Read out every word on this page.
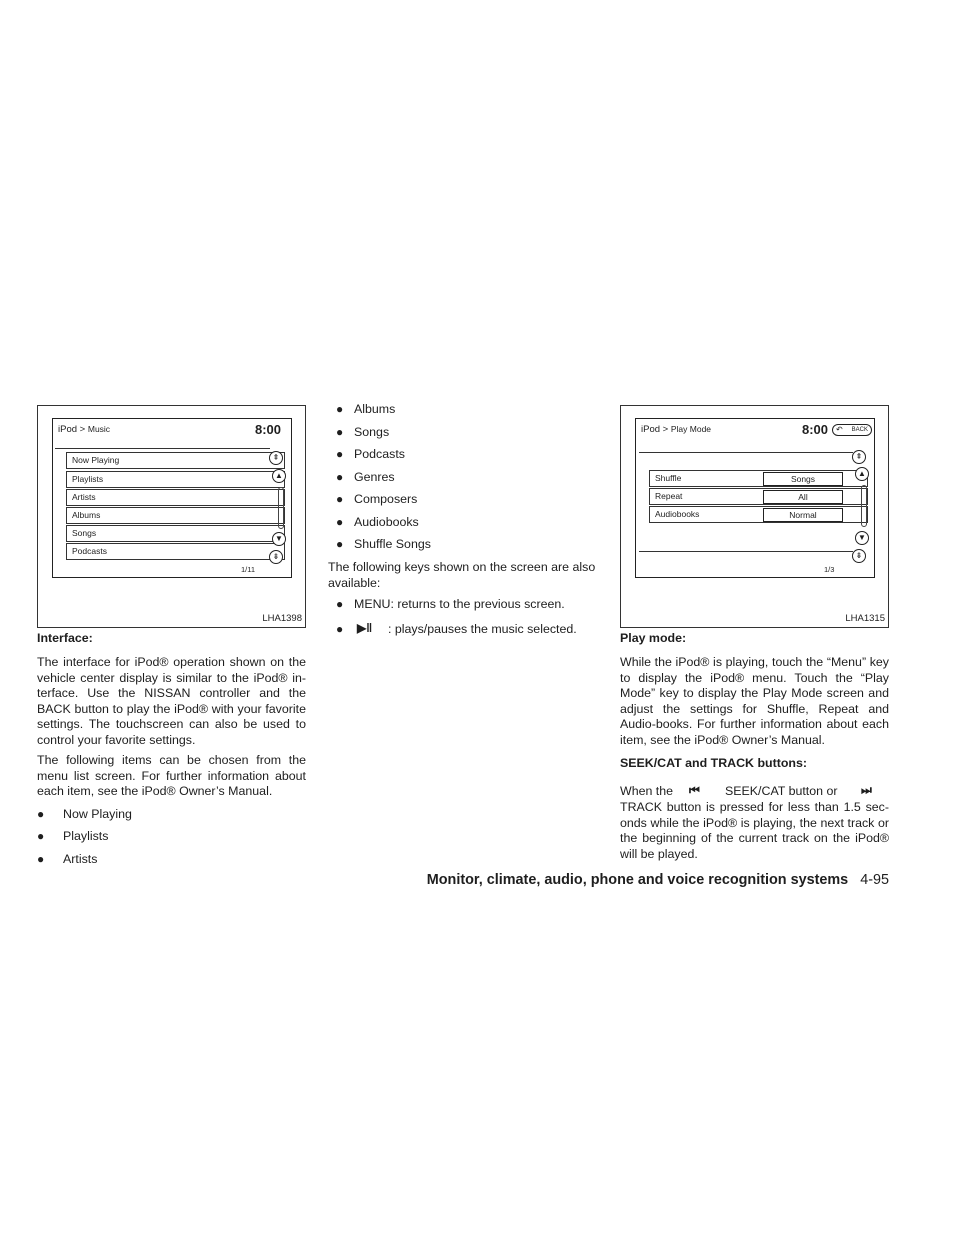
iPod > Music	8:00
Now Playing
Playlists
Artists
Albums
Songs
Podcasts
⇞
▲
▼
⇟
1/11
LHA1398

Interface:

The interface for iPod® operation shown on the vehicle center display is similar to the iPod® in-terface. Use the NISSAN controller and the BACK button to play the iPod® with your favorite settings. The touchscreen can also be used to control your favorite settings.

The following items can be chosen from the menu list screen. For further information about each item, see the iPod® Owner’s Manual.

● Now Playing
● Playlists
● Artists
● Albums
● Songs
● Podcasts
● Genres
● Composers
● Audiobooks
● Shuffle Songs

The following keys shown on the screen are also available:

● MENU: returns to the previous screen.
● ▶‖ : plays/pauses the music selected.
iPod > Play Mode	8:00 ↶ BACK
Shuffle	Songs
Repeat	All
Audiobooks	Normal
⇞
▲
▼
⇟
1/3
LHA1315

Play mode:

While the iPod® is playing, touch the “Menu” key to display the iPod® menu. Touch the “Play Mode” key to display the Play Mode screen and adjust the settings for Shuffle, Repeat and Audio-books. For further information about each item, see the iPod® Owner’s Manual.

SEEK/CAT and TRACK buttons:

When the ⏮ SEEK/CAT button or ⏭

TRACK button is pressed for less than 1.5 sec-onds while the iPod® is playing, the next track or the beginning of the current track on the iPod® will be played.

Monitor, climate, audio, phone and voice recognition systems 4-95
